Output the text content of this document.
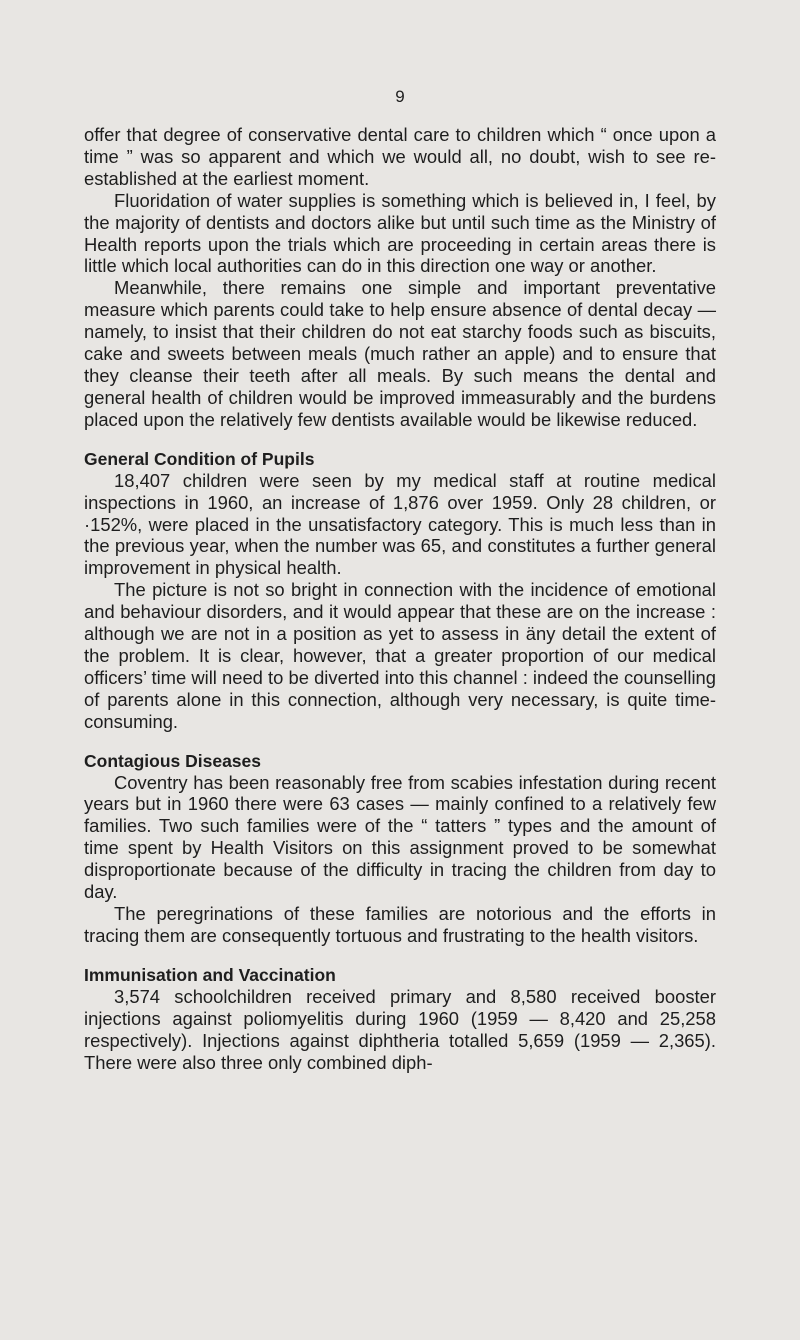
9

offer that degree of conservative dental care to children which “ once upon a time ” was so apparent and which we would all, no doubt, wish to see re-established at the earliest moment.

Fluoridation of water supplies is something which is believed in, I feel, by the majority of dentists and doctors alike but until such time as the Ministry of Health reports upon the trials which are proceeding in certain areas there is little which local authorities can do in this direction one way or another.

Meanwhile, there remains one simple and important preventative measure which parents could take to help ensure absence of dental decay — namely, to insist that their children do not eat starchy foods such as biscuits, cake and sweets between meals (much rather an apple) and to ensure that they cleanse their teeth after all meals. By such means the dental and general health of children would be improved immeasurably and the burdens placed upon the relatively few dentists available would be likewise reduced.

General Condition of Pupils

18,407 children were seen by my medical staff at routine medical inspections in 1960, an increase of 1,876 over 1959. Only 28 children, or ·152%, were placed in the unsatisfactory category. This is much less than in the previous year, when the number was 65, and constitutes a further general improvement in physical health.

The picture is not so bright in connection with the incidence of emotional and behaviour disorders, and it would appear that these are on the increase : although we are not in a position as yet to assess in äny detail the extent of the problem. It is clear, however, that a greater proportion of our medical officers’ time will need to be diverted into this channel : indeed the counselling of parents alone in this connection, although very necessary, is quite time-consuming.

Contagious Diseases

Coventry has been reasonably free from scabies infestation during recent years but in 1960 there were 63 cases — mainly confined to a relatively few families. Two such families were of the “ tatters ” types and the amount of time spent by Health Visitors on this assignment proved to be somewhat disproportionate because of the difficulty in tracing the children from day to day.

The peregrinations of these families are notorious and the efforts in tracing them are consequently tortuous and frustrating to the health visitors.

Immunisation and Vaccination

3,574 schoolchildren received primary and 8,580 received booster injections against poliomyelitis during 1960 (1959 — 8,420 and 25,258 respectively). Injections against diphtheria totalled 5,659 (1959 — 2,365). There were also three only combined diph-
